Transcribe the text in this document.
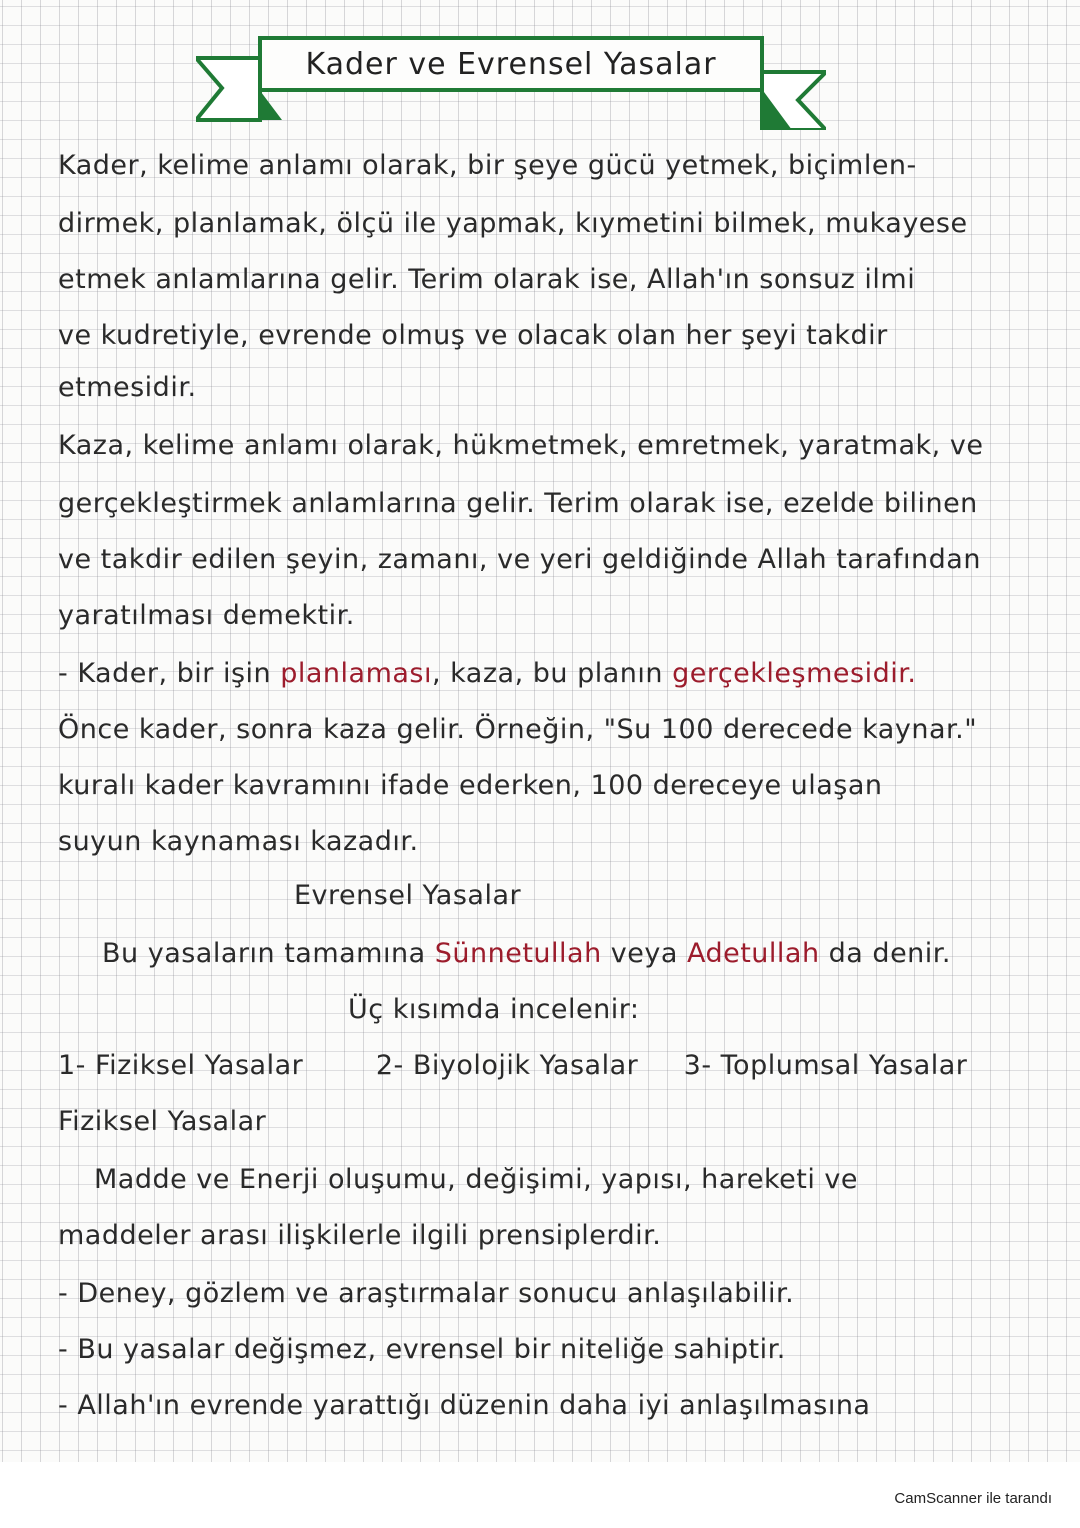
Kader ve Evrensel Yasalar
Kader, kelime anlamı olarak, bir şeye gücü yetmek, biçimlen-
dirmek, planlamak, ölçü ile yapmak, kıymetini bilmek, mukayese
etmek anlamlarına gelir. Terim olarak ise, Allah'ın sonsuz ilmi
ve kudretiyle, evrende olmuş ve olacak olan her şeyi takdir
etmesidir.
Kaza, kelime anlamı olarak, hükmetmek, emretmek, yaratmak, ve
gerçekleştirmek anlamlarına gelir. Terim olarak ise, ezelde bilinen
ve takdir edilen şeyin, zamanı, ve yeri geldiğinde Allah tarafından
yaratılması demektir.
- Kader, bir işin planlaması, kaza, bu planın gerçekleşmesidir.
Önce kader, sonra kaza gelir. Örneğin, "Su 100 derecede kaynar."
kuralı kader kavramını ifade ederken, 100 dereceye ulaşan
suyun kaynaması kazadır.
Evrensel Yasalar
Bu yasaların tamamına Sünnetullah veya Adetullah da denir.
Üç kısımda incelenir:
1- Fiziksel Yasalar        2- Biyolojik Yasalar     3- Toplumsal Yasalar
Fiziksel Yasalar
Madde ve Enerji oluşumu, değişimi, yapısı, hareketi ve
maddeler arası ilişkilerle ilgili prensiplerdir.
- Deney, gözlem ve araştırmalar sonucu anlaşılabilir.
- Bu yasalar değişmez, evrensel bir niteliğe sahiptir.
- Allah'ın evrende yarattığı düzenin daha iyi anlaşılmasına
CamScanner ile tarandı
